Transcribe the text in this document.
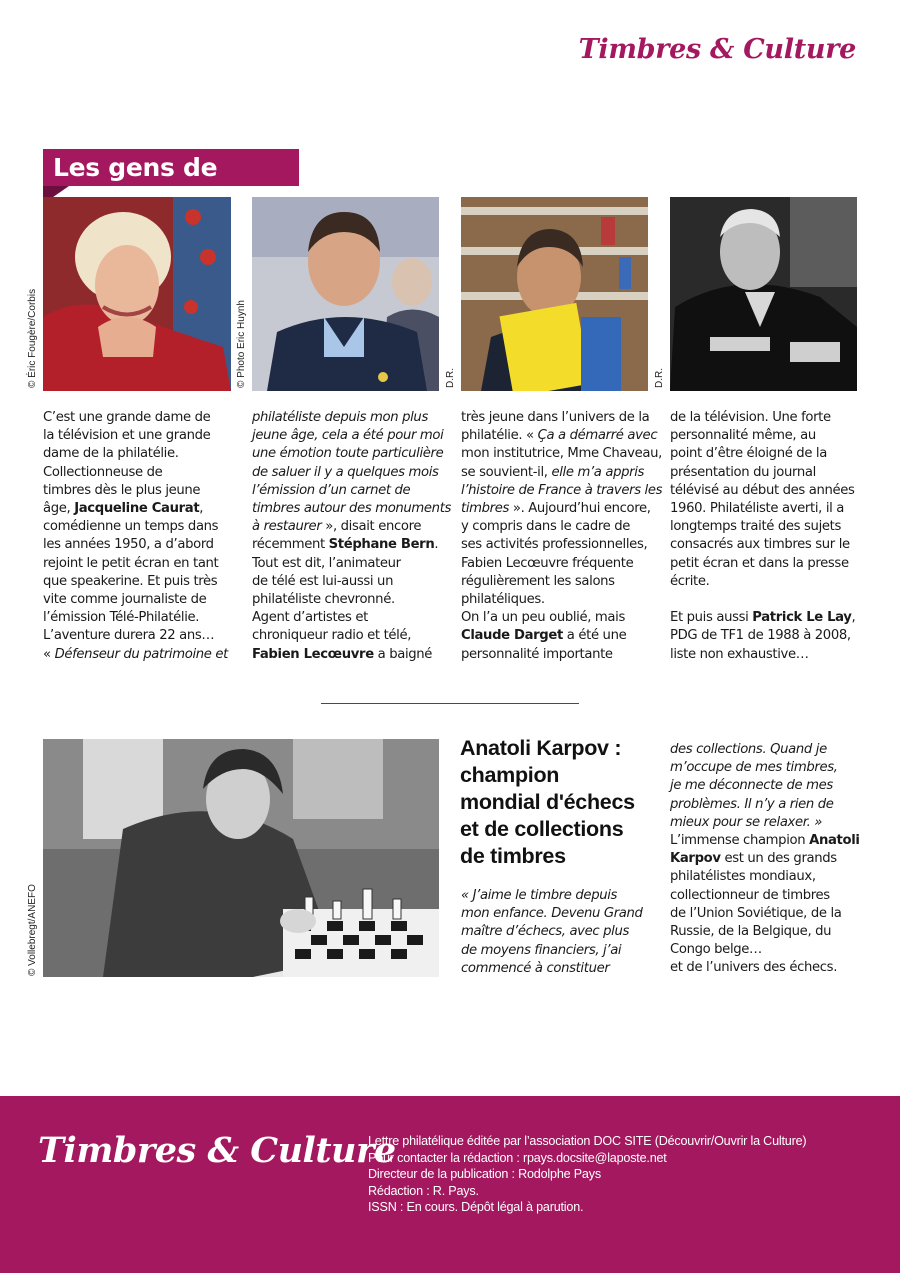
Timbres & Culture
Les gens de
© Éric Fougère/Corbis	© Photo Eric Huynh	D.R.	D.R.
C’est une grande dame de
la télévision et une grande
dame de la philatélie.
Collectionneuse de
timbres dès le plus jeune
âge, Jacqueline Caurat,
comédienne un temps dans
les années 1950, a d’abord
rejoint le petit écran en tant
que speakerine. Et puis très
vite comme journaliste de
l’émission Télé-Philatélie.
L’aventure durera 22 ans…
« Défenseur du patrimoine et
philatéliste depuis mon plus
jeune âge, cela a été pour moi
une émotion toute particulière
de saluer il y a quelques mois
l’émission d’un carnet de
timbres autour des monuments
à restaurer », disait encore
récemment Stéphane Bern.
Tout est dit, l’animateur
de télé est lui-aussi un
philatéliste chevronné.
Agent d’artistes et
chroniqueur radio et télé,
Fabien Lecœuvre a baigné
très jeune dans l’univers de la
philatélie. « Ça a démarré avec
mon institutrice, Mme Chaveau,
se souvient-il, elle m’a appris
l’histoire de France à travers les
timbres ». Aujourd’hui encore,
y compris dans le cadre de
ses activités professionnelles,
Fabien Lecœuvre fréquente
régulièrement les salons
philatéliques.
On l’a un peu oublié, mais
Claude Darget a été une
personnalité importante
de la télévision. Une forte
personnalité même, au
point d’être éloigné de la
présentation du journal
télévisé au début des années
1960. Philatéliste averti, il a
longtemps traité des sujets
consacrés aux timbres sur le
petit écran et dans la presse
écrite.
Et puis aussi Patrick Le Lay,
PDG de TF1 de 1988 à 2008,
liste non exhaustive…
© Vollebregt/ANEFO
Anatoli Karpov :
champion
mondial d'échecs
et de collections
de timbres
« J’aime le timbre depuis
mon enfance. Devenu Grand
maître d’échecs, avec plus
de moyens financiers, j’ai
commencé à constituer
des collections. Quand je
m’occupe de mes timbres,
je me déconnecte de mes
problèmes. Il n’y a rien de
mieux pour se relaxer. »
L’immense champion Anatoli
Karpov est un des grands
philatélistes mondiaux,
collectionneur de timbres
de l’Union Soviétique, de la
Russie, de la Belgique, du
Congo belge…
et de l’univers des échecs.
Timbres & Culture
Lettre philatélique éditée par l’association DOC SITE (Découvrir/Ouvrir la Culture)
Pour contacter la rédaction : rpays.docsite@laposte.net
Directeur de la publication : Rodolphe Pays
Rédaction : R. Pays.
ISSN : En cours. Dépôt légal à parution.
